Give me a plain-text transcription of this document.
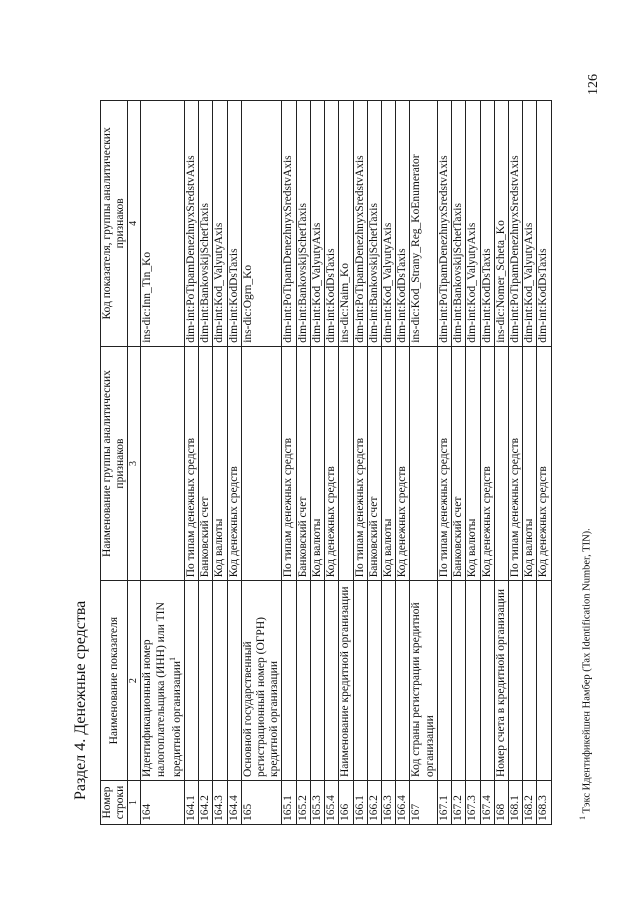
126
Раздел 4. Денежные средства
Номер строки	Наименование показателя	Наименование группы аналитических признаков	Код показателя, группы аналитических признаков
1	2	3	4
164	Идентификационный номер налогоплательщика (ИНН) или TIN кредитной организации$^1$		ins-dic:Inn_Tin_Ko
164.1		По типам денежных средств	dim-int:PoTipamDenezhnyxSredstvAxis
164.2		Банковский счет	dim-int:BankovskijSchetTaxis
164.3		Код валюты	dim-int:Kod_ValyutyAxis
164.4		Код денежных средств	dim-int:KodDsTaxis
165	Основной государственный регистрационный номер (ОГРН) кредитной организации		ins-dic:Ogrn_Ko
165.1		По типам денежных средств	dim-int:PoTipamDenezhnyxSredstvAxis
165.2		Банковский счет	dim-int:BankovskijSchetTaxis
165.3		Код валюты	dim-int:Kod_ValyutyAxis
165.4		Код денежных средств	dim-int:KodDsTaxis
166	Наименование кредитной организации		ins-dic:Naim_Ko
166.1		По типам денежных средств	dim-int:PoTipamDenezhnyxSredstvAxis
166.2		Банковский счет	dim-int:BankovskijSchetTaxis
166.3		Код валюты	dim-int:Kod_ValyutyAxis
166.4		Код денежных средств	dim-int:KodDsTaxis
167	Код страны регистрации кредитной организации		ins-dic:Kod_Strany_Reg_KoEnumerator
167.1		По типам денежных средств	dim-int:PoTipamDenezhnyxSredstvAxis
167.2		Банковский счет	dim-int:BankovskijSchetTaxis
167.3		Код валюты	dim-int:Kod_ValyutyAxis
167.4		Код денежных средств	dim-int:KodDsTaxis
168	Номер счета в кредитной организации		ins-dic:Nomer_Scheta_Ko
168.1		По типам денежных средств	dim-int:PoTipamDenezhnyxSredstvAxis
168.2		Код валюты	dim-int:Kod_ValyutyAxis
168.3		Код денежных средств	dim-int:KodDsTaxis
$^1$ Тэкс Идентификейшен Намбер (Tax Identification Number, TIN).
